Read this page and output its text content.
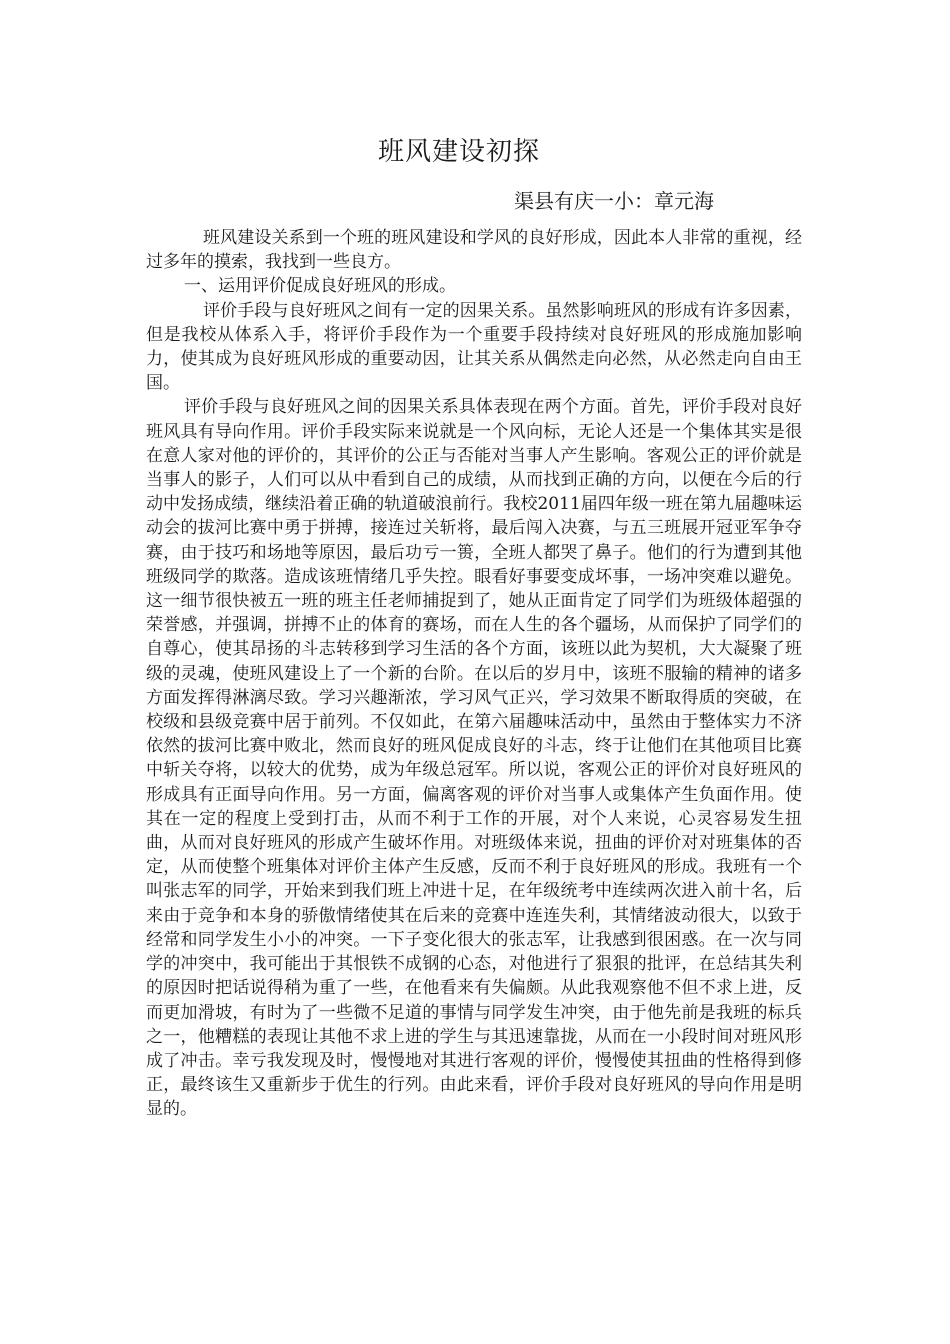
班风建设初探
渠县有庆一小：章元海

班风建设关系到一个班的班风建设和学风的良好形成，因此本人非常的重视，经过多年的摸索，我找到一些良方。

一、运用评价促成良好班风的形成。

评价手段与良好班风之间有一定的因果关系。虽然影响班风的形成有许多因素，但是我校从体系入手，将评价手段作为一个重要手段持续对良好班风的形成施加影响力，使其成为良好班风形成的重要动因，让其关系从偶然走向必然，从必然走向自由王国。

评价手段与良好班风之间的因果关系具体表现在两个方面。首先，评价手段对良好班风具有导向作用。评价手段实际来说就是一个风向标，无论人还是一个集体其实是很在意人家对他的评价的，其评价的公正与否能对当事人产生影响。客观公正的评价就是当事人的影子，人们可以从中看到自己的成绩，从而找到正确的方向，以便在今后的行动中发扬成绩，继续沿着正确的轨道破浪前行。我校2011届四年级一班在第九届趣味运动会的拔河比赛中勇于拼搏，接连过关斩将，最后闯入决赛，与五三班展开冠亚军争夺赛，由于技巧和场地等原因，最后功亏一篑，全班人都哭了鼻子。他们的行为遭到其他班级同学的欺落。造成该班情绪几乎失控。眼看好事要变成坏事，一场冲突难以避免。这一细节很快被五一班的班主任老师捕捉到了，她从正面肯定了同学们为班级体超强的荣誉感，并强调，拼搏不止的体育的赛场，而在人生的各个疆场，从而保护了同学们的自尊心，使其昂扬的斗志转移到学习生活的各个方面，该班以此为契机，大大凝聚了班级的灵魂，使班风建设上了一个新的台阶。在以后的岁月中，该班不服输的精神的诸多方面发挥得淋漓尽致。学习兴趣渐浓，学习风气正兴，学习效果不断取得质的突破，在校级和县级竞赛中居于前列。不仅如此，在第六届趣味活动中，虽然由于整体实力不济依然的拔河比赛中败北，然而良好的班风促成良好的斗志，终于让他们在其他项目比赛中斩关夺将，以较大的优势，成为年级总冠军。所以说，客观公正的评价对良好班风的形成具有正面导向作用。另一方面，偏离客观的评价对当事人或集体产生负面作用。使其在一定的程度上受到打击，从而不利于工作的开展，对个人来说，心灵容易发生扭曲，从而对良好班风的形成产生破坏作用。对班级体来说，扭曲的评价对对班集体的否定，从而使整个班集体对评价主体产生反感，反而不利于良好班风的形成。我班有一个叫张志军的同学，开始来到我们班上冲进十足，在年级统考中连续两次进入前十名，后来由于竞争和本身的骄傲情绪使其在后来的竞赛中连连失利，其情绪波动很大，以致于经常和同学发生小小的冲突。一下子变化很大的张志军，让我感到很困惑。在一次与同学的冲突中，我可能出于其恨铁不成钢的心态，对他进行了狠狠的批评，在总结其失利的原因时把话说得稍为重了一些，在他看来有失偏颇。从此我观察他不但不求上进，反而更加滑坡，有时为了一些微不足道的事情与同学发生冲突，由于他先前是我班的标兵之一，他糟糕的表现让其他不求上进的学生与其迅速靠拢，从而在一小段时间对班风形成了冲击。幸亏我发现及时，慢慢地对其进行客观的评价，慢慢使其扭曲的性格得到修正，最终该生又重新步于优生的行列。由此来看，评价手段对良好班风的导向作用是明显的。
